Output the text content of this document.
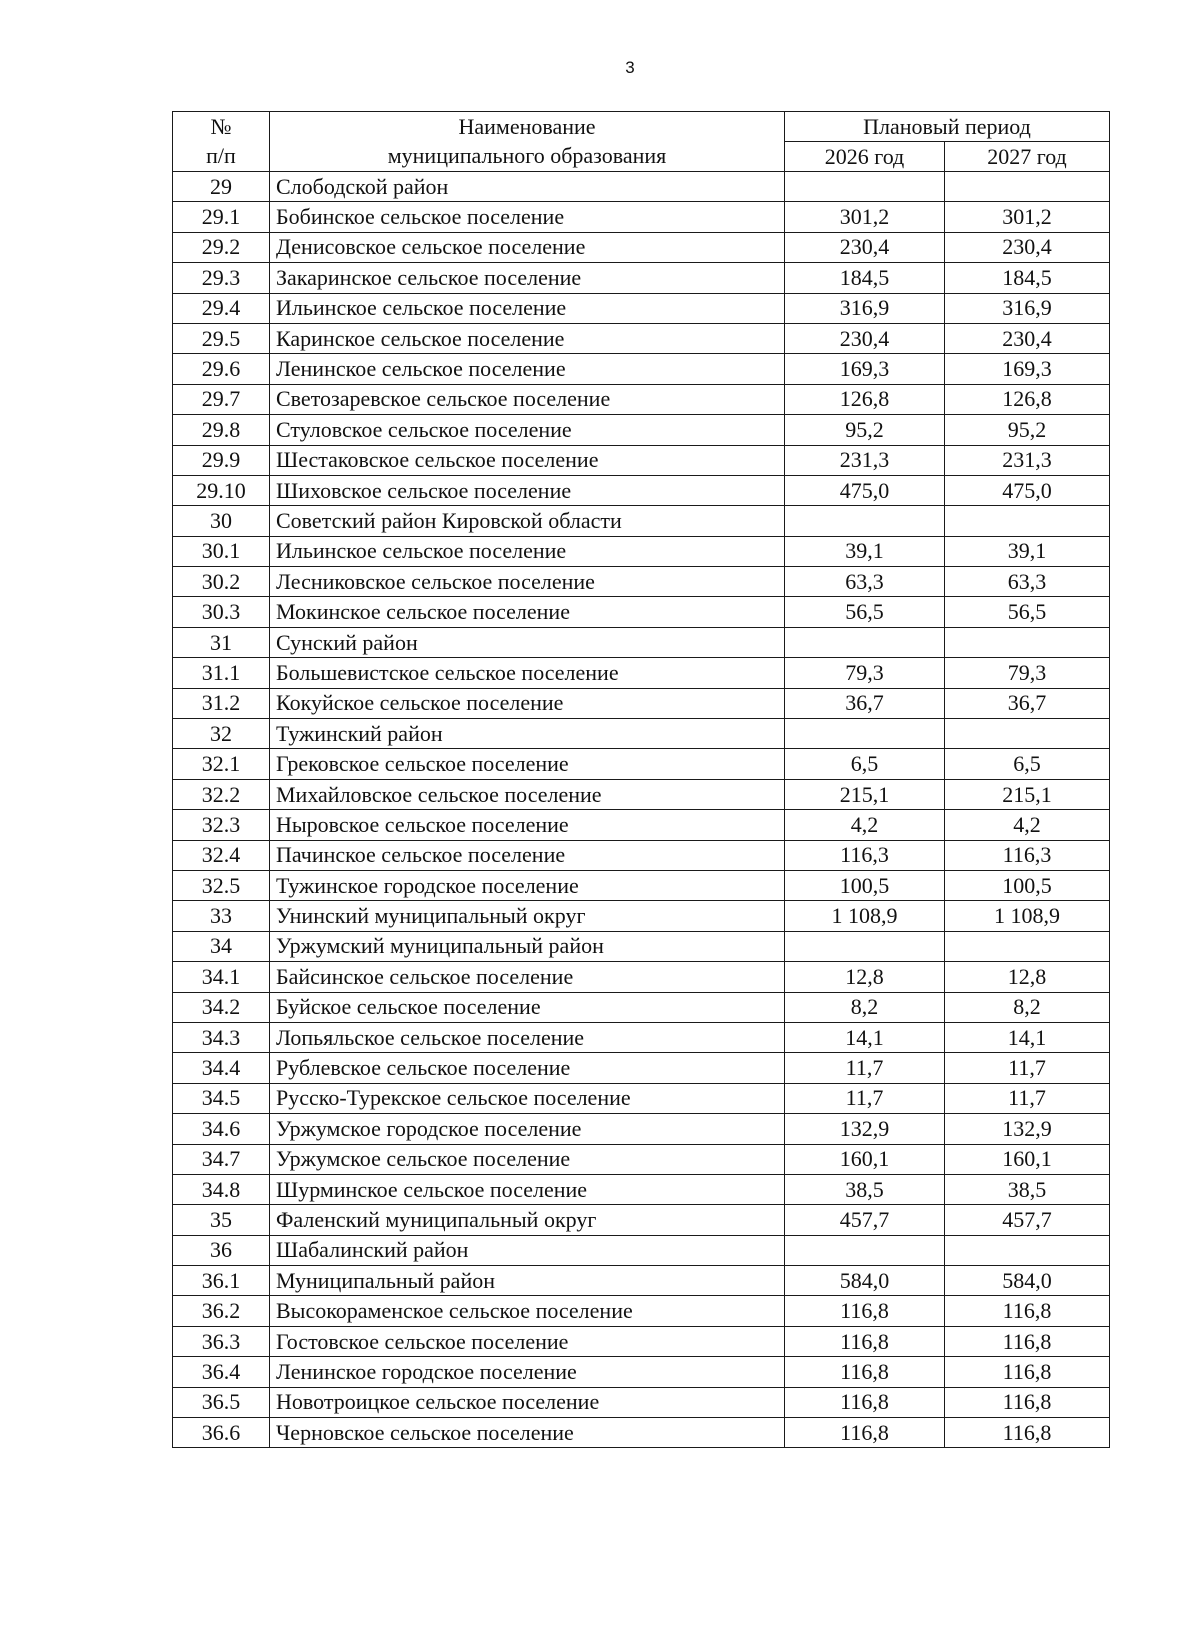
3
№	Наименование	Плановый период	
п/п	муниципального образования	2026 год	2027 год
29	Слободской район		
29.1	Бобинское сельское поселение	301,2	301,2
29.2	Денисовское сельское поселение	230,4	230,4
29.3	Закаринское сельское поселение	184,5	184,5
29.4	Ильинское сельское поселение	316,9	316,9
29.5	Каринское сельское поселение	230,4	230,4
29.6	Ленинское сельское поселение	169,3	169,3
29.7	Светозаревское сельское поселение	126,8	126,8
29.8	Стуловское сельское поселение	95,2	95,2
29.9	Шестаковское сельское поселение	231,3	231,3
29.10	Шиховское сельское поселение	475,0	475,0
30	Советский район Кировской области		
30.1	Ильинское сельское поселение	39,1	39,1
30.2	Лесниковское сельское поселение	63,3	63,3
30.3	Мокинское сельское поселение	56,5	56,5
31	Сунский район		
31.1	Большевистское сельское поселение	79,3	79,3
31.2	Кокуйское сельское поселение	36,7	36,7
32	Тужинский район		
32.1	Грековское сельское поселение	6,5	6,5
32.2	Михайловское сельское поселение	215,1	215,1
32.3	Ныровское сельское поселение	4,2	4,2
32.4	Пачинское сельское поселение	116,3	116,3
32.5	Тужинское городское поселение	100,5	100,5
33	Унинский муниципальный округ	1 108,9	1 108,9
34	Уржумский муниципальный район		
34.1	Байсинское сельское поселение	12,8	12,8
34.2	Буйское сельское поселение	8,2	8,2
34.3	Лопьяльское сельское поселение	14,1	14,1
34.4	Рублевское сельское поселение	11,7	11,7
34.5	Русско-Турекское сельское поселение	11,7	11,7
34.6	Уржумское городское поселение	132,9	132,9
34.7	Уржумское сельское поселение	160,1	160,1
34.8	Шурминское сельское поселение	38,5	38,5
35	Фаленский муниципальный округ	457,7	457,7
36	Шабалинский район		
36.1	Муниципальный район	584,0	584,0
36.2	Высокораменское сельское поселение	116,8	116,8
36.3	Гостовское сельское поселение	116,8	116,8
36.4	Ленинское городское поселение	116,8	116,8
36.5	Новотроицкое сельское поселение	116,8	116,8
36.6	Черновское сельское поселение	116,8	116,8
